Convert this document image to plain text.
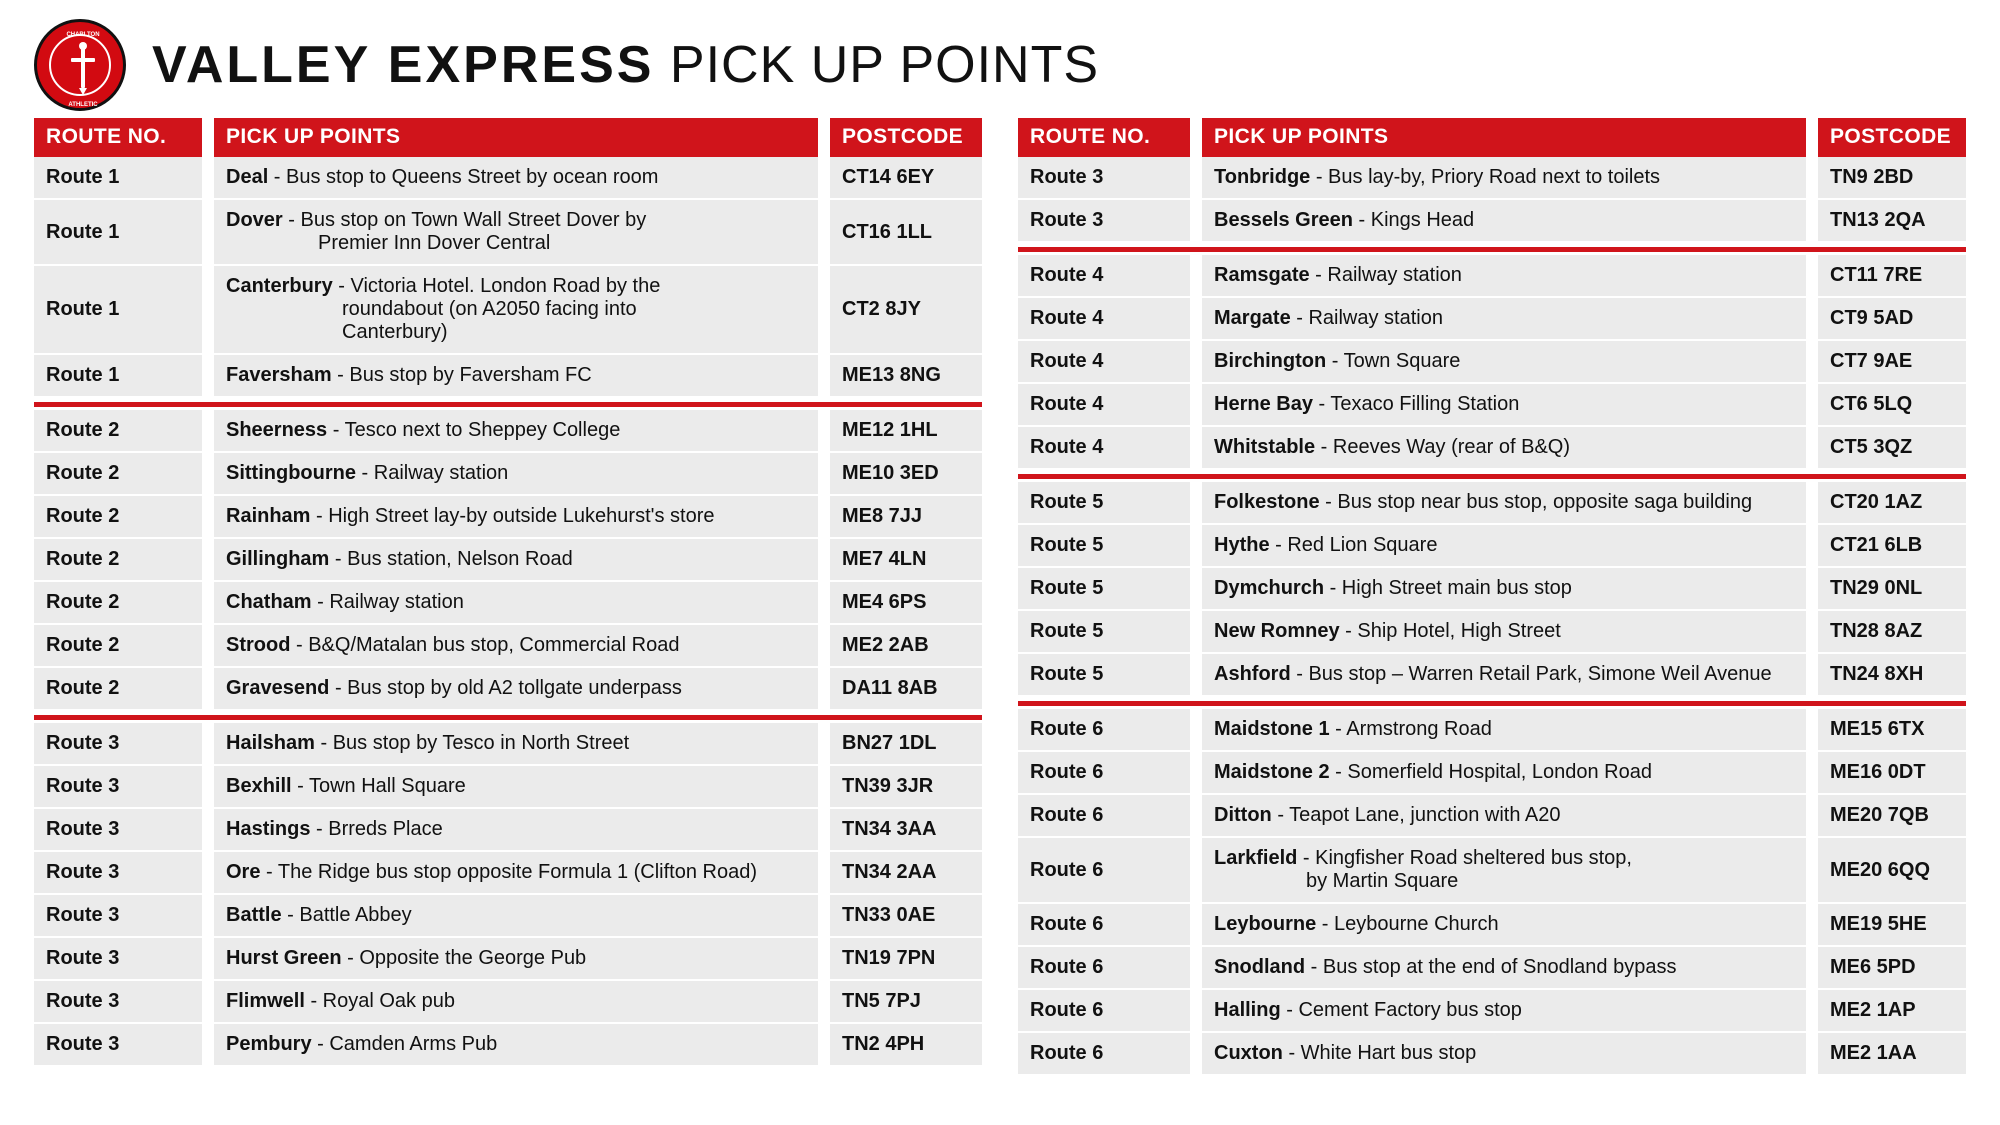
CHARLTON
ATHLETIC
VALLEY EXPRESS PICK UP POINTS
ROUTE NO.		PICK UP POINTS		POSTCODE
Route 1		Deal - Bus stop to Queens Street by ocean room		CT14 6EY
Route 1		Dover - Bus stop on Town Wall Street Dover by
Premier Inn Dover Central		CT16 1LL
Route 1		Canterbury - Victoria Hotel. London Road by the
roundabout (on A2050 facing into
Canterbury)		CT2 8JY
Route 1		Faversham - Bus stop by Faversham FC		ME13 8NG

Route 2		Sheerness - Tesco next to Sheppey College		ME12 1HL
Route 2		Sittingbourne - Railway station		ME10 3ED
Route 2		Rainham - High Street lay-by outside Lukehurst's store		ME8 7JJ
Route 2		Gillingham - Bus station, Nelson Road		ME7 4LN
Route 2		Chatham - Railway station		ME4 6PS
Route 2		Strood - B&Q/Matalan bus stop, Commercial Road		ME2 2AB
Route 2		Gravesend - Bus stop by old A2 tollgate underpass		DA11 8AB

Route 3		Hailsham - Bus stop by Tesco in North Street		BN27 1DL
Route 3		Bexhill - Town Hall Square		TN39 3JR
Route 3		Hastings - Brreds Place		TN34 3AA
Route 3		Ore - The Ridge bus stop opposite Formula 1 (Clifton Road)		TN34 2AA
Route 3		Battle - Battle Abbey		TN33 0AE
Route 3		Hurst Green - Opposite the George Pub		TN19 7PN
Route 3		Flimwell - Royal Oak pub		TN5 7PJ
Route 3		Pembury - Camden Arms Pub		TN2 4PH
ROUTE NO.		PICK UP POINTS		POSTCODE
Route 3		Tonbridge - Bus lay-by, Priory Road next to toilets		TN9 2BD
Route 3		Bessels Green - Kings Head		TN13 2QA

Route 4		Ramsgate - Railway station		CT11 7RE
Route 4		Margate - Railway station		CT9 5AD
Route 4		Birchington - Town Square		CT7 9AE
Route 4		Herne Bay - Texaco Filling Station		CT6 5LQ
Route 4		Whitstable - Reeves Way (rear of B&Q)		CT5 3QZ

Route 5		Folkestone - Bus stop near bus stop, opposite saga building		CT20 1AZ
Route 5		Hythe - Red Lion Square		CT21 6LB
Route 5		Dymchurch - High Street main bus stop		TN29 0NL
Route 5		New Romney - Ship Hotel, High Street		TN28 8AZ
Route 5		Ashford - Bus stop – Warren Retail Park, Simone Weil Avenue		TN24 8XH

Route 6		Maidstone 1 - Armstrong Road		ME15 6TX
Route 6		Maidstone 2 - Somerfield Hospital, London Road		ME16 0DT
Route 6		Ditton - Teapot Lane, junction with A20		ME20 7QB
Route 6		Larkfield - Kingfisher Road sheltered bus stop,
by Martin Square		ME20 6QQ
Route 6		Leybourne - Leybourne Church		ME19 5HE
Route 6		Snodland - Bus stop at the end of Snodland bypass		ME6 5PD
Route 6		Halling - Cement Factory bus stop		ME2 1AP
Route 6		Cuxton - White Hart bus stop		ME2 1AA
